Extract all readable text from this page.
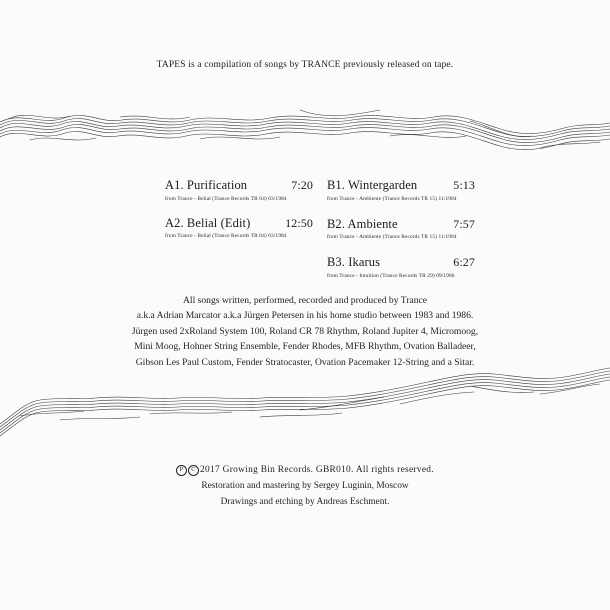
TAPES is a compilation of songs by TRANCE previously released on tape.
A1. Purification	7:20
from Trance - Belial (Trance Records TR 04) 03/1984
A2. Belial (Edit)	12:50
from Trance - Belial (Trance Records TR 04) 03/1984
B1. Wintergarden	5:13
from Trance - Ambiente (Trance Records TR 15) 11/1984
B2. Ambiente	7:57
from Trance - Ambiente (Trance Records TR 15) 11/1984
B3. Ikarus	6:27
from Trance - Intuition (Trance Records TR 29) 09/1986
All songs written, performed, recorded and produced by Trance
a.k.a Adrian Marcator a.k.a Jürgen Petersen in his home studio between 1983 and 1986.
Jürgen used 2xRoland System 100, Roland CR 78 Rhythm, Roland Jupiter 4, Micromoog,
Mini Moog, Hohner String Ensemble, Fender Rhodes, MFB Rhythm, Ovation Balladeer,
Gibson Les Paul Custom, Fender Stratocaster, Ovation Pacemaker 12-String and a Sitar.
P C 2017 Growing Bin Records. GBR010. All rights reserved.
Restoration and mastering by Sergey Luginin, Moscow
Drawings and etching by Andreas Eschment.
